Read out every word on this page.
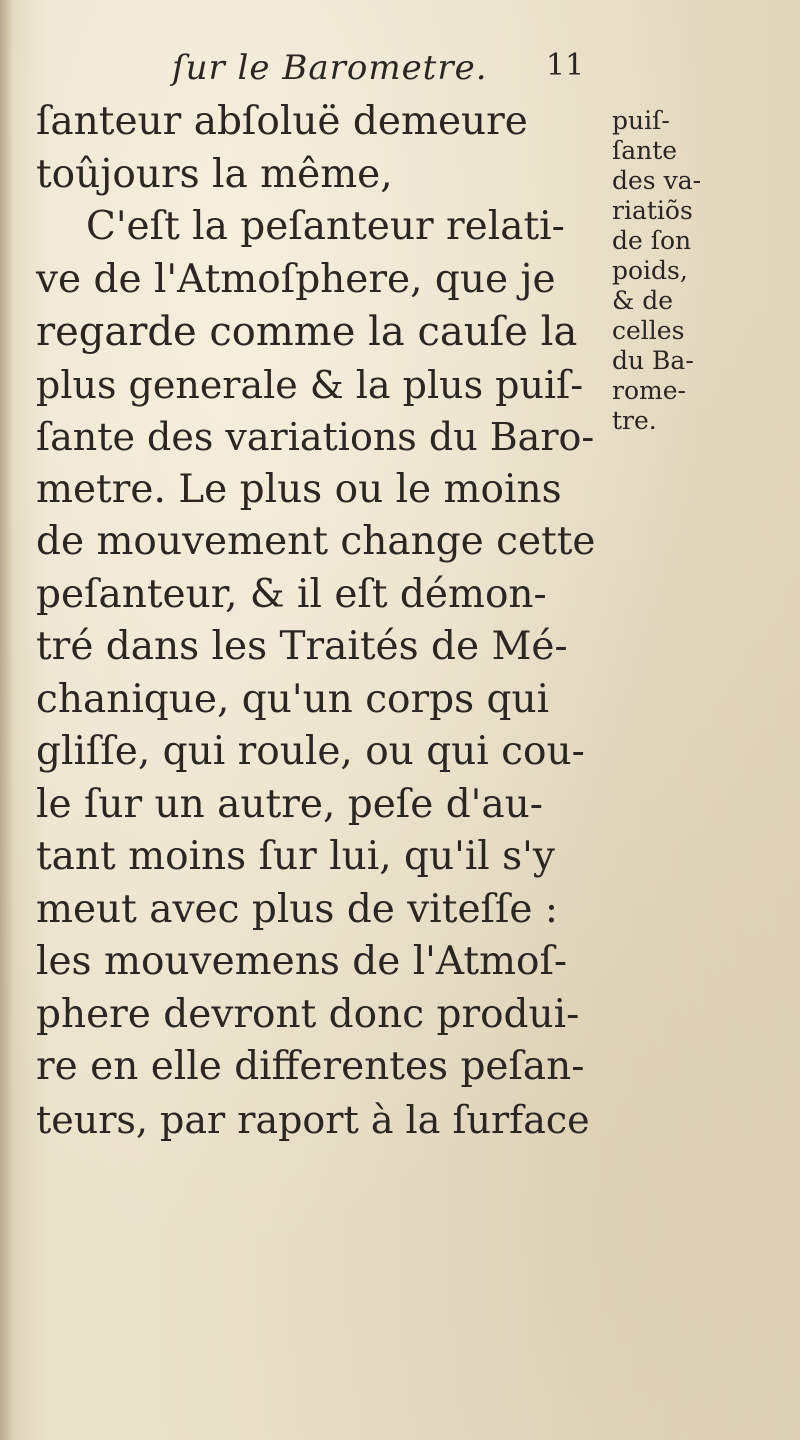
ſur le Barometre. 11
ſanteur abſoluë demeure
toûjours la même,
C'eſt la peſanteur relati-
ve de l'Atmoſphere, que je
regarde comme la cauſe la
plus generale & la plus puiſ-
ſante des variations du Baro-
metre. Le plus ou le moins
de mouvement change cette
peſanteur, & il eſt démon-
tré dans les Traités de Mé-
chanique, qu'un corps qui
gliſſe, qui roule, ou qui cou-
le ſur un autre, peſe d'au-
tant moins ſur lui, qu'il s'y
meut avec plus de viteſſe :
les mouvemens de l'Atmoſ-
phere devront donc produi-
re en elle differentes peſan-
teurs, par raport à la ſurface
puiſ-
ſante
des va-
riatiõs
de ſon
poids,
& de
celles
du Ba-
rome-
tre.
